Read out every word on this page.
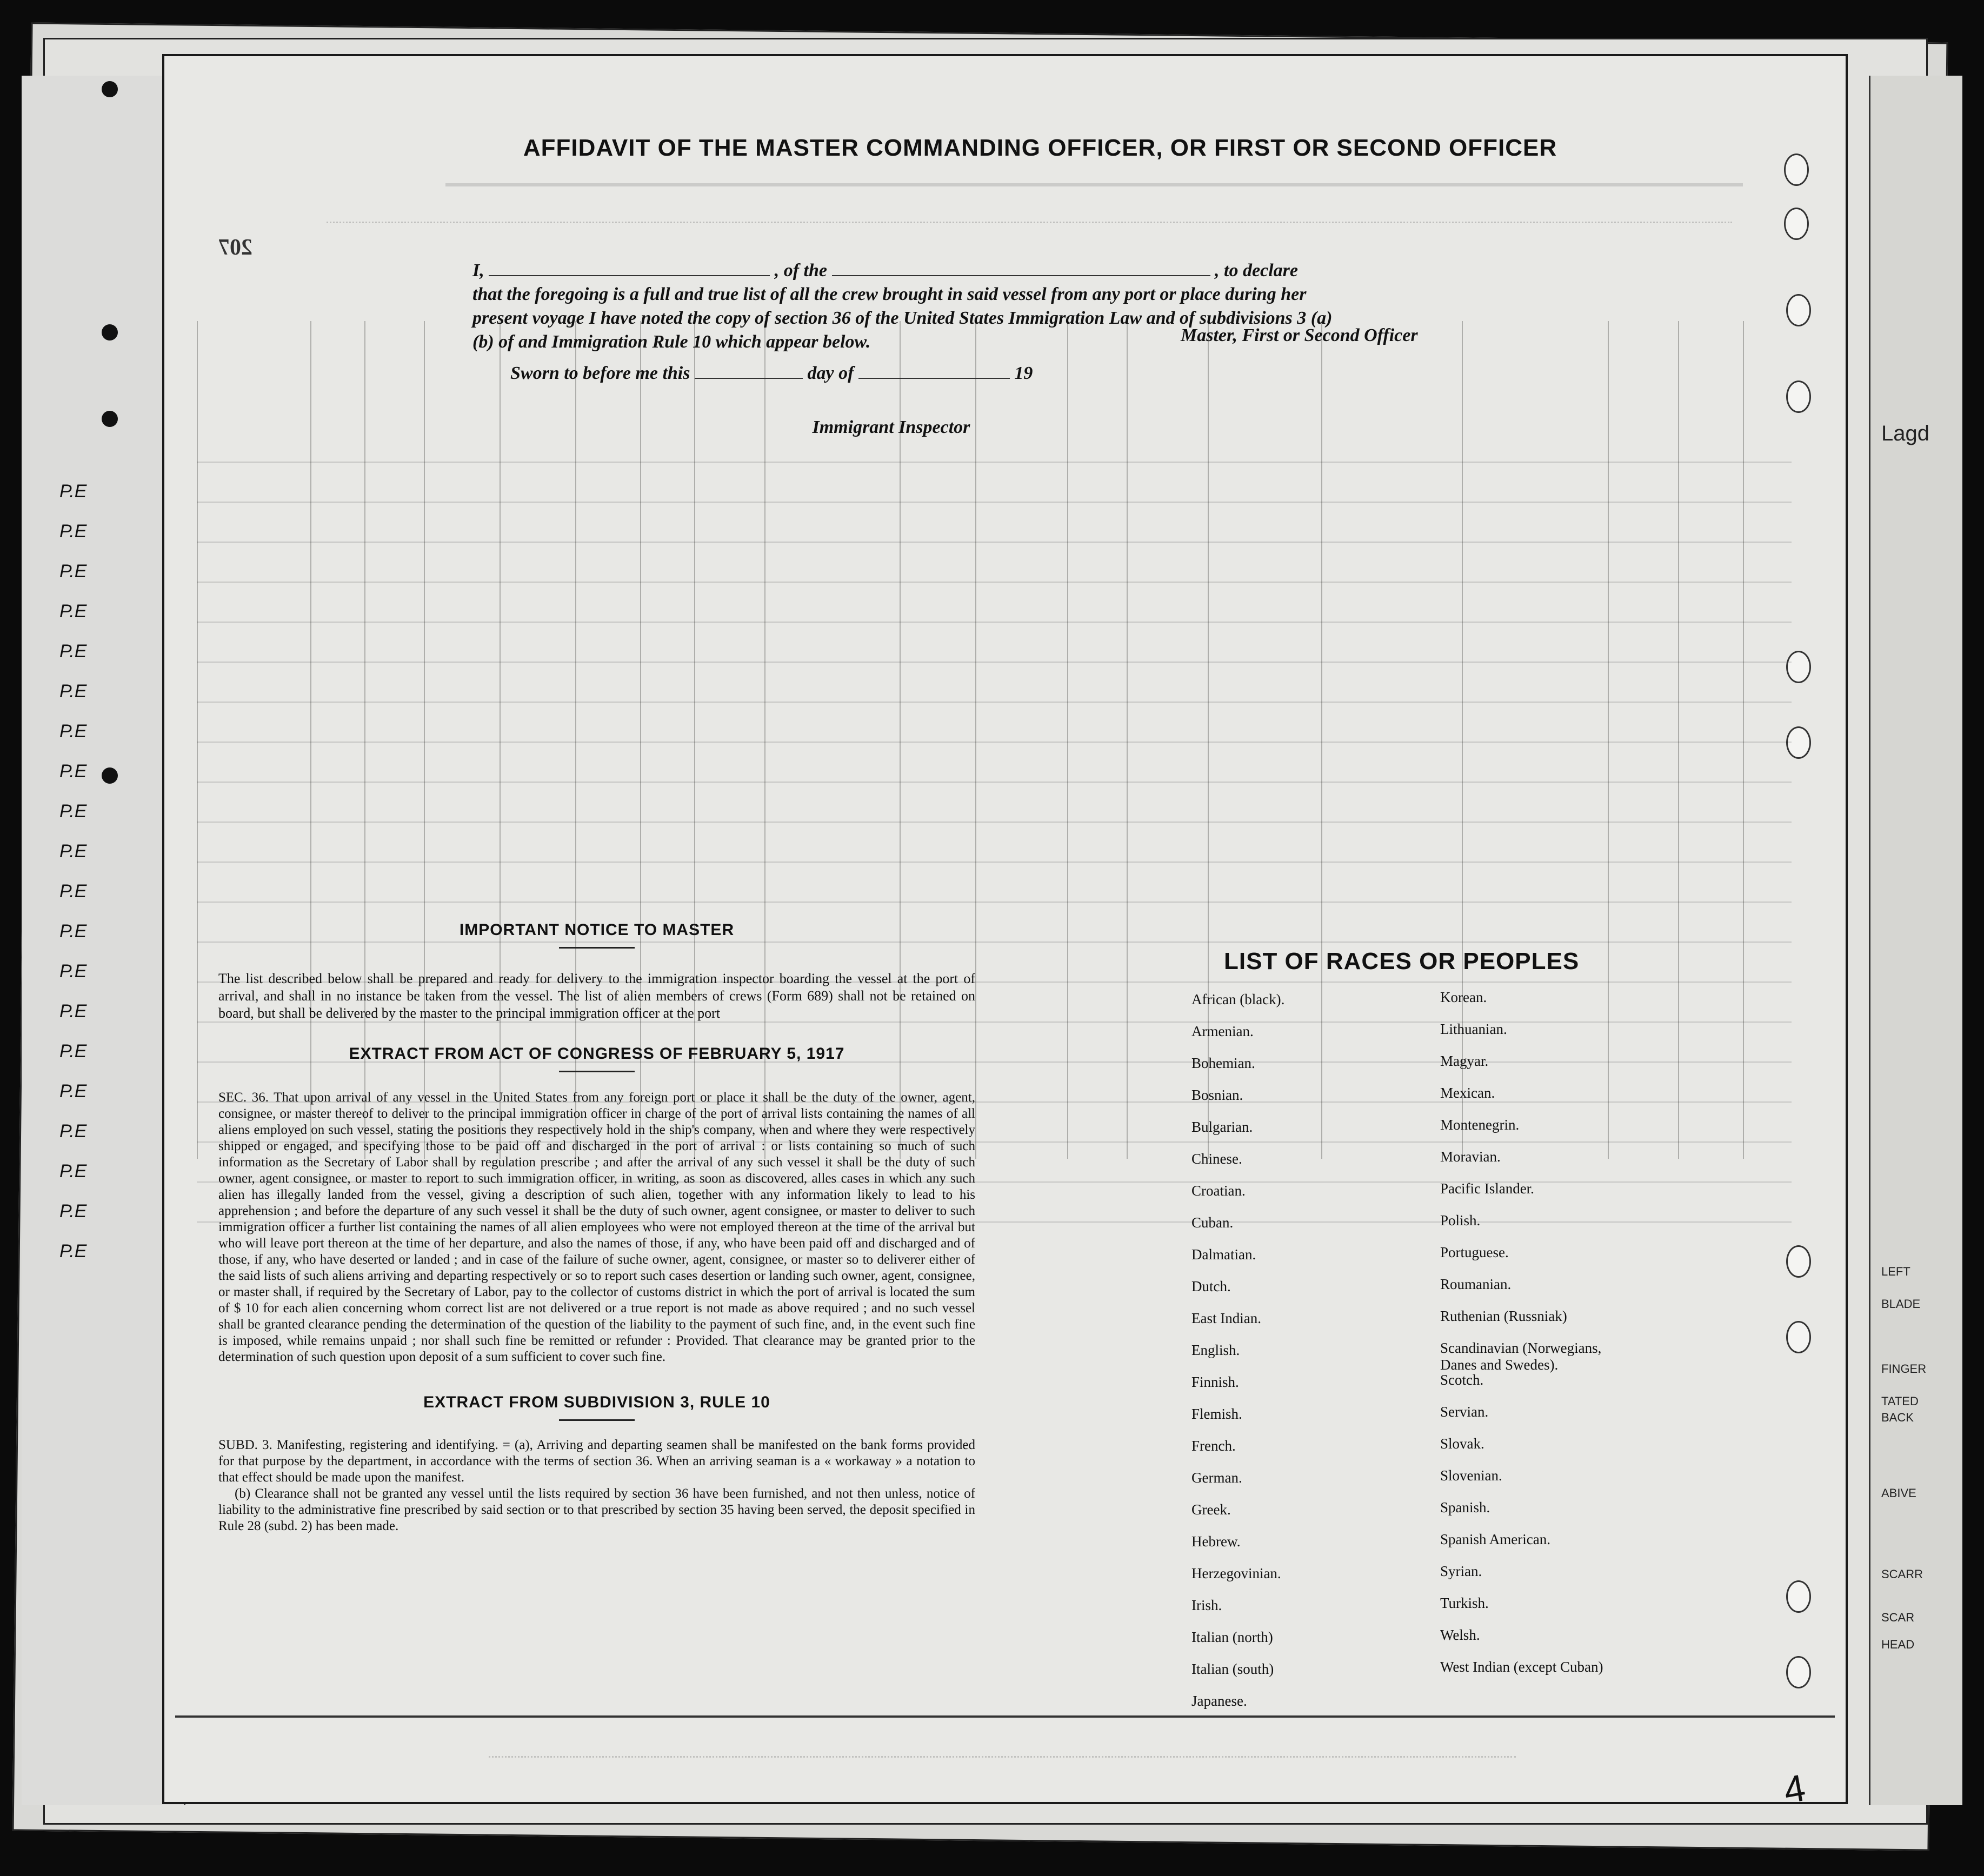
P.E
P.E
P.E
P.E
P.E
P.E
P.E
P.E
P.E
P.E
P.E
P.E
P.E
P.E
P.E
P.E
P.E
P.E
P.E
P.E
Lagd
LEFT
BLADE
FINGER
TATED
BACK
ABIVE
SCARR
SCAR
HEAD
207
AFFIDAVIT OF THE MASTER COMMANDING OFFICER, OR FIRST OR SECOND OFFICER
I,	, of the	, to declare
that the foregoing is a full and true list of all the crew brought in said vessel from any port or place during her
present voyage I have noted the copy of section 36 of the United States Immigration Law and of subdivisions 3 (a)
(b) of and Immigration Rule 10 which appear below.	Master, First or Second Officer
Sworn to before me this	day of	19
Immigrant Inspector
IMPORTANT NOTICE TO MASTER
The list described below shall be prepared and ready for delivery to the immigration inspector boarding the vessel at the port of arrival, and shall in no instance be taken from the vessel. The list of alien members of crews (Form 689) shall not be retained on board, but shall be delivered by the master to the principal immigration officer at the port
EXTRACT FROM ACT OF CONGRESS OF FEBRUARY 5, 1917
SEC. 36. That upon arrival of any vessel in the United States from any foreign port or place it shall be the duty of the owner, agent, consignee, or master thereof to deliver to the principal immigration officer in charge of the port of arrival lists containing the names of all aliens employed on such vessel, stating the positions they respectively hold in the ship's company, when and where they were respectively shipped or engaged, and specifying those to be paid off and discharged in the port of arrival : or lists containing so much of such information as the Secretary of Labor shall by regulation prescribe ; and after the arrival of any such vessel it shall be the duty of such owner, agent consignee, or master to report to such immigration officer, in writing, as soon as discovered, alles cases in which any such alien has illegally landed from the vessel, giving a description of such alien, together with any information likely to lead to his apprehension ; and before the departure of any such vessel it shall be the duty of such owner, agent consignee, or master to deliver to such immigration officer a further list containing the names of all alien employees who were not employed thereon at the time of the arrival but who will leave port thereon at the time of her departure, and also the names of those, if any, who have been paid off and discharged and of those, if any, who have deserted or landed ; and in case of the failure of suche owner, agent, consignee, or master so to deliverer either of the said lists of such aliens arriving and departing respectively or so to report such cases desertion or landing such owner, agent, consignee, or master shall, if required by the Secretary of Labor, pay to the collector of customs district in which the port of arrival is located the sum of $ 10 for each alien concerning whom correct list are not delivered or a true report is not made as above required ; and no such vessel shall be granted clearance pending the determination of the question of the liability to the payment of such fine, and, in the event such fine is imposed, while remains unpaid ; nor shall such fine be remitted or refunder : Provided. That clearance may be granted prior to the determination of such question upon deposit of a sum sufficient to cover such fine.
EXTRACT FROM SUBDIVISION 3, RULE 10
SUBD. 3. Manifesting, registering and identifying. = (a), Arriving and departing seamen shall be manifested on the bank forms provided for that purpose by the department, in accordance with the terms of section 36. When an arriving seaman is a « workaway » a notation to that effect should be made upon the manifest.
(b) Clearance shall not be granted any vessel until the lists required by section 36 have been furnished, and not then unless, notice of liability to the administrative fine prescribed by said section or to that prescribed by section 35 having been served, the deposit specified in Rule 28 (subd. 2) has been made.
LIST OF RACES OR PEOPLES
African (black).
Armenian.
Bohemian.
Bosnian.
Bulgarian.
Chinese.
Croatian.
Cuban.
Dalmatian.
Dutch.
East Indian.
English.
Finnish.
Flemish.
French.
German.
Greek.
Hebrew.
Herzegovinian.
Irish.
Italian (north)
Italian (south)
Japanese.
Korean.
Lithuanian.
Magyar.
Mexican.
Montenegrin.
Moravian.
Pacific Islander.
Polish.
Portuguese.
Roumanian.
Ruthenian (Russniak)
Scandinavian (Norwegians, Danes and Swedes).
Scotch.
Servian.
Slovak.
Slovenian.
Spanish.
Spanish American.
Syrian.
Turkish.
Welsh.
West Indian (except Cuban)
4
